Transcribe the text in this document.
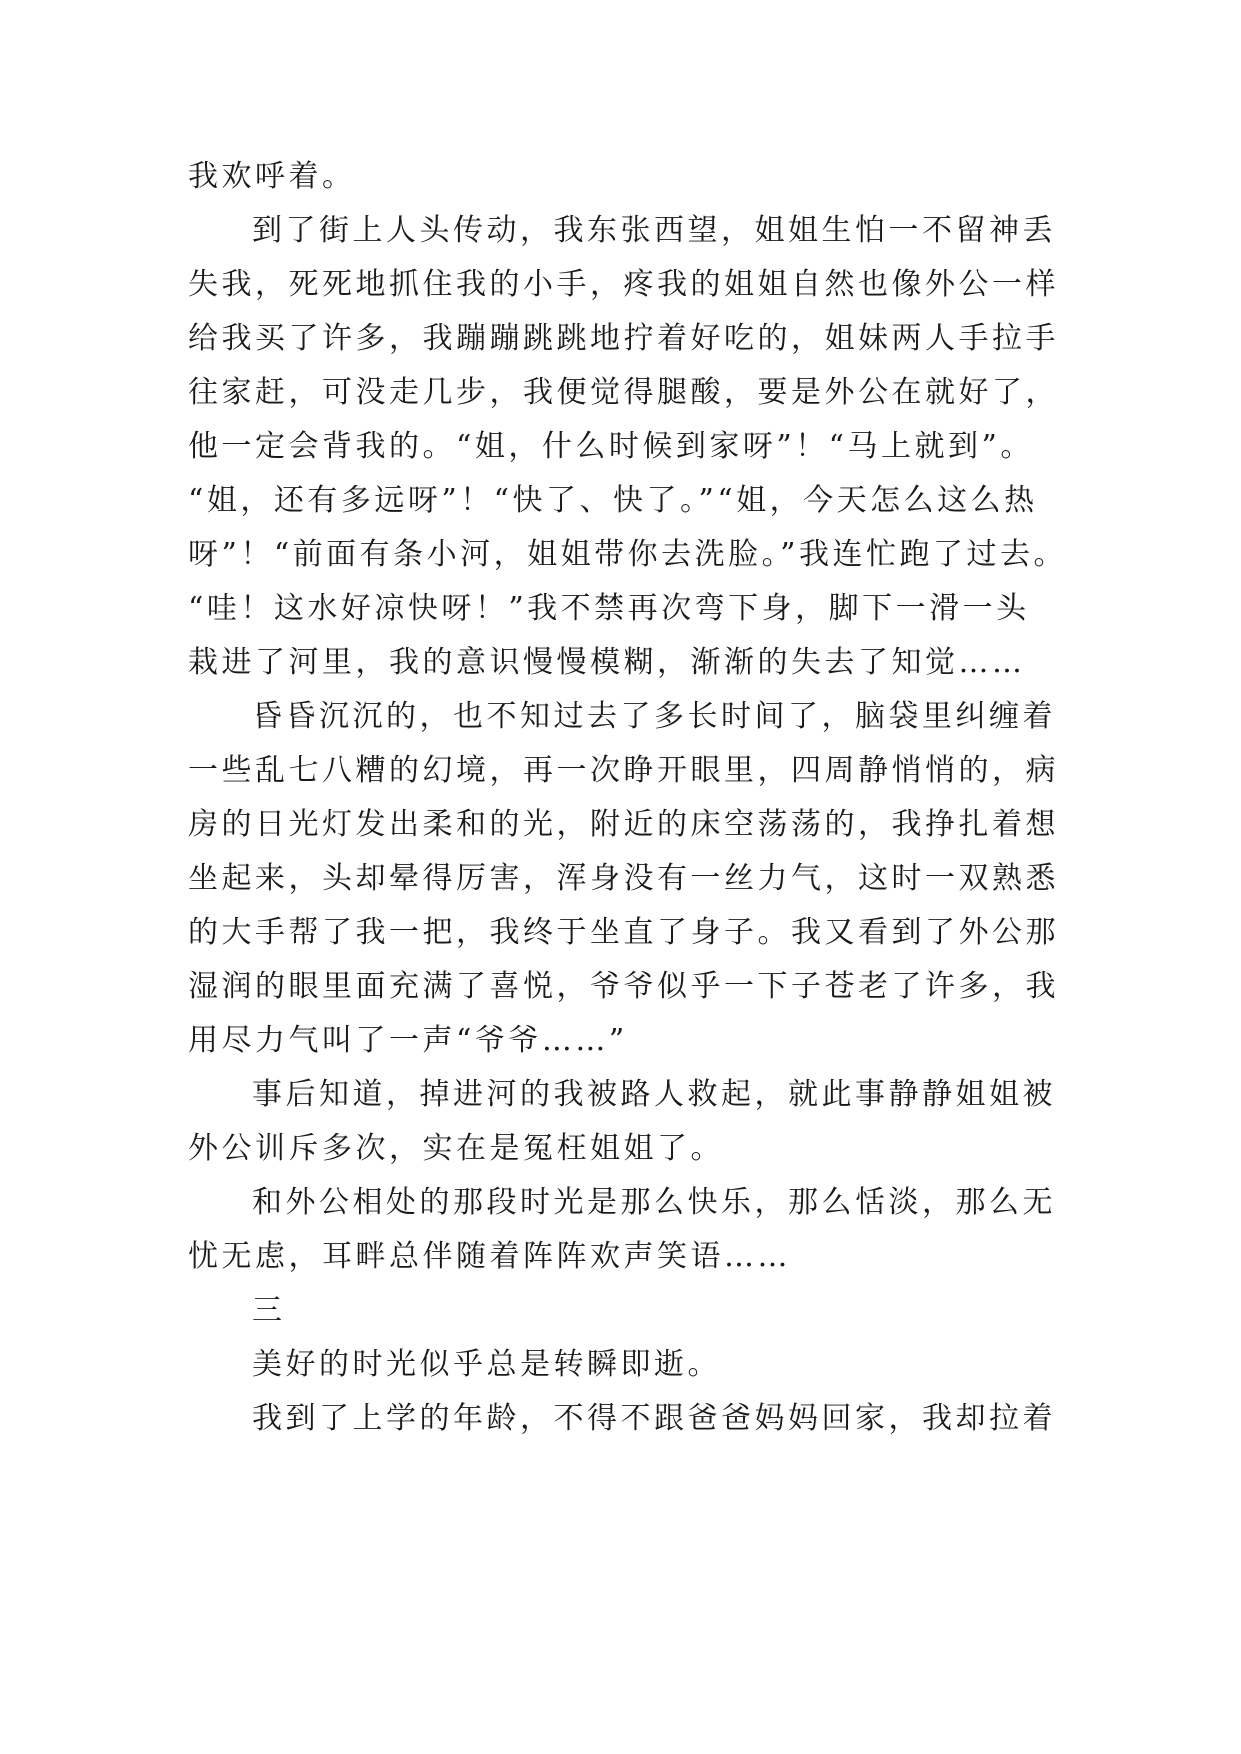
我欢呼着。
到了街上人头传动，我东张西望，姐姐生怕一不留神丢
失我，死死地抓住我的小手，疼我的姐姐自然也像外公一样
给我买了许多，我蹦蹦跳跳地拧着好吃的，姐妹两人手拉手
往家赶，可没走几步，我便觉得腿酸，要是外公在就好了，
他一定会背我的。“姐，什么时候到家呀”！“马上就到”。
“姐，还有多远呀”！“快了、快了。”“姐，今天怎么这么热
呀”！“前面有条小河，姐姐带你去洗脸。”我连忙跑了过去。
“哇！这水好凉快呀！”我不禁再次弯下身，脚下一滑一头
栽进了河里，我的意识慢慢模糊，渐渐的失去了知觉……
昏昏沉沉的，也不知过去了多长时间了，脑袋里纠缠着
一些乱七八糟的幻境，再一次睁开眼里，四周静悄悄的，病
房的日光灯发出柔和的光，附近的床空荡荡的，我挣扎着想
坐起来，头却晕得厉害，浑身没有一丝力气，这时一双熟悉
的大手帮了我一把，我终于坐直了身子。我又看到了外公那
湿润的眼里面充满了喜悦，爷爷似乎一下子苍老了许多，我
用尽力气叫了一声“爷爷……”
事后知道，掉进河的我被路人救起，就此事静静姐姐被
外公训斥多次，实在是冤枉姐姐了。
和外公相处的那段时光是那么快乐，那么恬淡，那么无
忧无虑，耳畔总伴随着阵阵欢声笑语……
三
美好的时光似乎总是转瞬即逝。
我到了上学的年龄，不得不跟爸爸妈妈回家，我却拉着
